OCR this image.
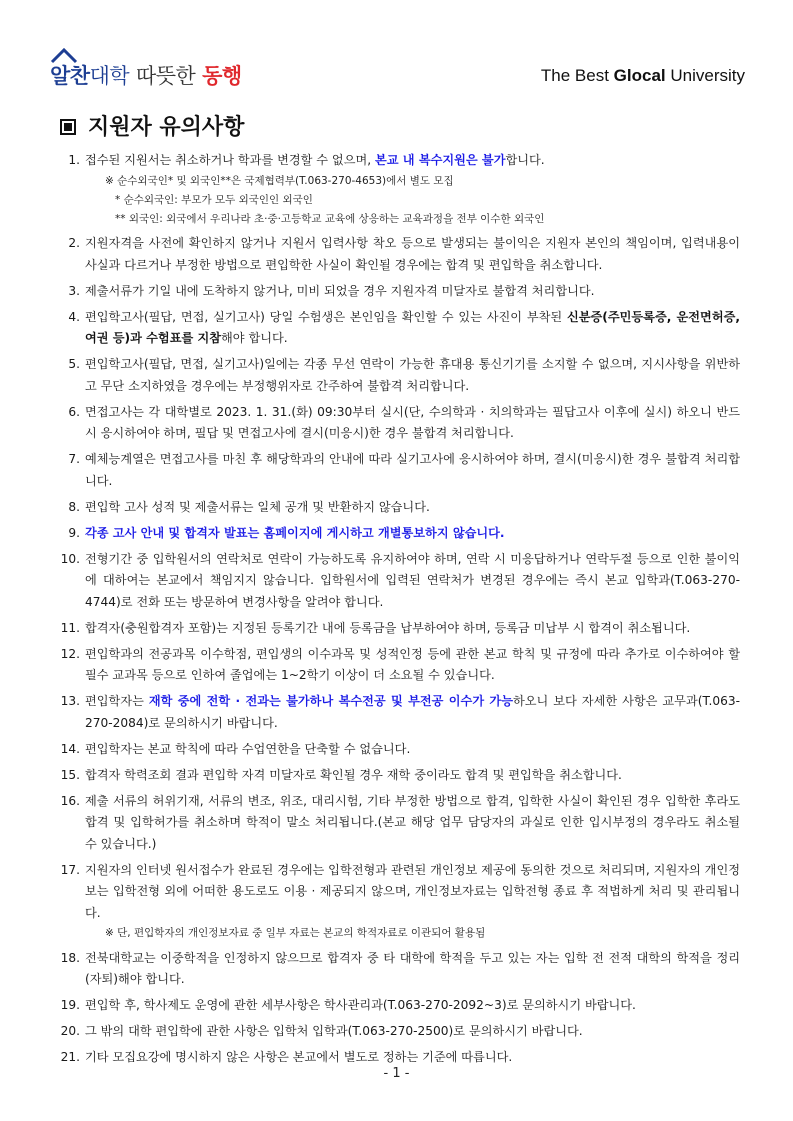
알찬대학 따뜻한 동행	The Best Glocal University
지원자 유의사항
1. 접수된 지원서는 취소하거나 학과를 변경할 수 없으며, 본교 내 복수지원은 불가합니다.
※ 순수외국인* 및 외국인**은 국제협력부(T.063-270-4653)에서 별도 모집
* 순수외국인: 부모가 모두 외국인인 외국인
** 외국인: 외국에서 우리나라 초·중·고등학교 교육에 상응하는 교육과정을 전부 이수한 외국인
2. 지원자격을 사전에 확인하지 않거나 지원서 입력사항 착오 등으로 발생되는 불이익은 지원자 본인의 책임이며, 입력내용이 사실과 다르거나 부정한 방법으로 편입학한 사실이 확인될 경우에는 합격 및 편입학을 취소합니다.
3. 제출서류가 기일 내에 도착하지 않거나, 미비 되었을 경우 지원자격 미달자로 불합격 처리합니다.
4. 편입학고사(필답, 면접, 실기고사) 당일 수험생은 본인임을 확인할 수 있는 사진이 부착된 신분증(주민등록증, 운전면허증, 여권 등)과 수험표를 지참해야 합니다.
5. 편입학고사(필답, 면접, 실기고사)일에는 각종 무선 연락이 가능한 휴대용 통신기기를 소지할 수 없으며, 지시사항을 위반하고 무단 소지하였을 경우에는 부정행위자로 간주하여 불합격 처리합니다.
6. 면접고사는 각 대학별로 2023. 1. 31.(화) 09:30부터 실시(단, 수의학과 · 치의학과는 필답고사 이후에 실시) 하오니 반드시 응시하여야 하며, 필답 및 면접고사에 결시(미응시)한 경우 불합격 처리합니다.
7. 예체능계열은 면접고사를 마친 후 해당학과의 안내에 따라 실기고사에 응시하여야 하며, 결시(미응시)한 경우 불합격 처리합니다.
8. 편입학 고사 성적 및 제출서류는 일체 공개 및 반환하지 않습니다.
9. 각종 고사 안내 및 합격자 발표는 홈페이지에 게시하고 개별통보하지 않습니다.
10. 전형기간 중 입학원서의 연락처로 연락이 가능하도록 유지하여야 하며, 연락 시 미응답하거나 연락두절 등으로 인한 불이익에 대하여는 본교에서 책임지지 않습니다. 입학원서에 입력된 연락처가 변경된 경우에는 즉시 본교 입학과(T.063-270-4744)로 전화 또는 방문하여 변경사항을 알려야 합니다.
11. 합격자(충원합격자 포함)는 지정된 등록기간 내에 등록금을 납부하여야 하며, 등록금 미납부 시 합격이 취소됩니다.
12. 편입학과의 전공과목 이수학점, 편입생의 이수과목 및 성적인정 등에 관한 본교 학칙 및 규정에 따라 추가로 이수하여야 할 필수 교과목 등으로 인하여 졸업에는 1~2학기 이상이 더 소요될 수 있습니다.
13. 편입학자는 재학 중에 전학 · 전과는 불가하나 복수전공 및 부전공 이수가 가능하오니 보다 자세한 사항은 교무과(T.063-270-2084)로 문의하시기 바랍니다.
14. 편입학자는 본교 학칙에 따라 수업연한을 단축할 수 없습니다.
15. 합격자 학력조회 결과 편입학 자격 미달자로 확인될 경우 재학 중이라도 합격 및 편입학을 취소합니다.
16. 제출 서류의 허위기재, 서류의 변조, 위조, 대리시험, 기타 부정한 방법으로 합격, 입학한 사실이 확인된 경우 입학한 후라도 합격 및 입학허가를 취소하며 학적이 말소 처리됩니다.(본교 해당 업무 담당자의 과실로 인한 입시부정의 경우라도 취소될 수 있습니다.)
17. 지원자의 인터넷 원서접수가 완료된 경우에는 입학전형과 관련된 개인정보 제공에 동의한 것으로 처리되며, 지원자의 개인정보는 입학전형 외에 어떠한 용도로도 이용 · 제공되지 않으며, 개인정보자료는 입학전형 종료 후 적법하게 처리 및 관리됩니다.
※ 단, 편입학자의 개인정보자료 중 일부 자료는 본교의 학적자료로 이관되어 활용됨
18. 전북대학교는 이중학적을 인정하지 않으므로 합격자 중 타 대학에 학적을 두고 있는 자는 입학 전 전적 대학의 학적을 정리(자퇴)해야 합니다.
19. 편입학 후, 학사제도 운영에 관한 세부사항은 학사관리과(T.063-270-2092~3)로 문의하시기 바랍니다.
20. 그 밖의 대학 편입학에 관한 사항은 입학처 입학과(T.063-270-2500)로 문의하시기 바랍니다.
21. 기타 모집요강에 명시하지 않은 사항은 본교에서 별도로 정하는 기준에 따릅니다.
- 1 -
